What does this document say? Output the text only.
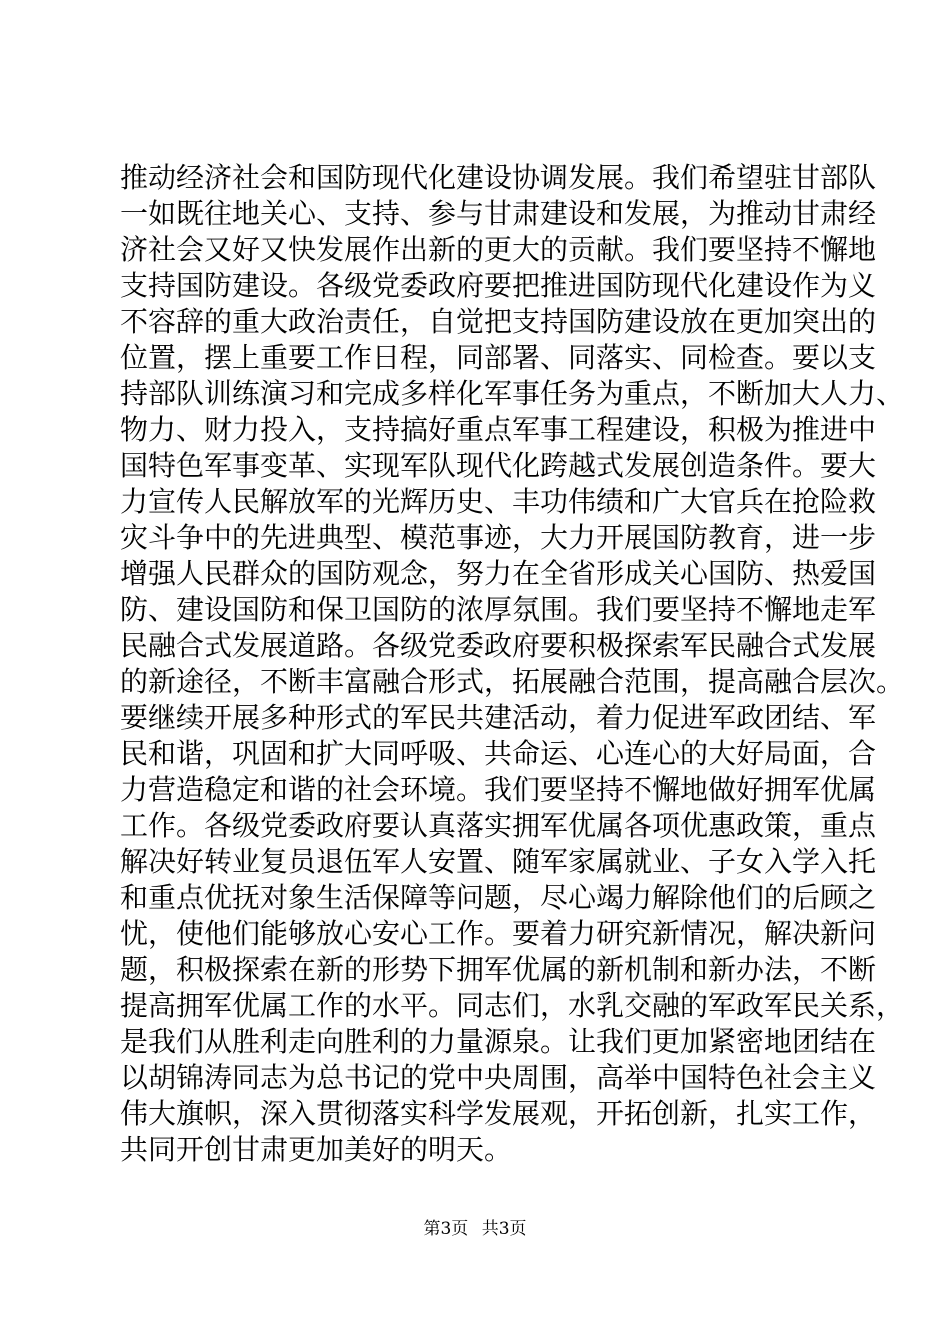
推动经济社会和国防现代化建设协调发展。我们希望驻甘部队
一如既往地关心、支持、参与甘肃建设和发展，为推动甘肃经
济社会又好又快发展作出新的更大的贡献。我们要坚持不懈地
支持国防建设。各级党委政府要把推进国防现代化建设作为义
不容辞的重大政治责任，自觉把支持国防建设放在更加突出的
位置，摆上重要工作日程，同部署、同落实、同检查。要以支
持部队训练演习和完成多样化军事任务为重点，不断加大人力、
物力、财力投入，支持搞好重点军事工程建设，积极为推进中
国特色军事变革、实现军队现代化跨越式发展创造条件。要大
力宣传人民解放军的光辉历史、丰功伟绩和广大官兵在抢险救
灾斗争中的先进典型、模范事迹，大力开展国防教育，进一步
增强人民群众的国防观念，努力在全省形成关心国防、热爱国
防、建设国防和保卫国防的浓厚氛围。我们要坚持不懈地走军
民融合式发展道路。各级党委政府要积极探索军民融合式发展
的新途径，不断丰富融合形式，拓展融合范围，提高融合层次。
要继续开展多种形式的军民共建活动，着力促进军政团结、军
民和谐，巩固和扩大同呼吸、共命运、心连心的大好局面，合
力营造稳定和谐的社会环境。我们要坚持不懈地做好拥军优属
工作。各级党委政府要认真落实拥军优属各项优惠政策，重点
解决好转业复员退伍军人安置、随军家属就业、子女入学入托
和重点优抚对象生活保障等问题，尽心竭力解除他们的后顾之
忧，使他们能够放心安心工作。要着力研究新情况，解决新问
题，积极探索在新的形势下拥军优属的新机制和新办法，不断
提高拥军优属工作的水平。同志们，水乳交融的军政军民关系，
是我们从胜利走向胜利的力量源泉。让我们更加紧密地团结在
以胡锦涛同志为总书记的党中央周围，高举中国特色社会主义
伟大旗帜，深入贯彻落实科学发展观，开拓创新，扎实工作，
共同开创甘肃更加美好的明天。
第3页 共3页
